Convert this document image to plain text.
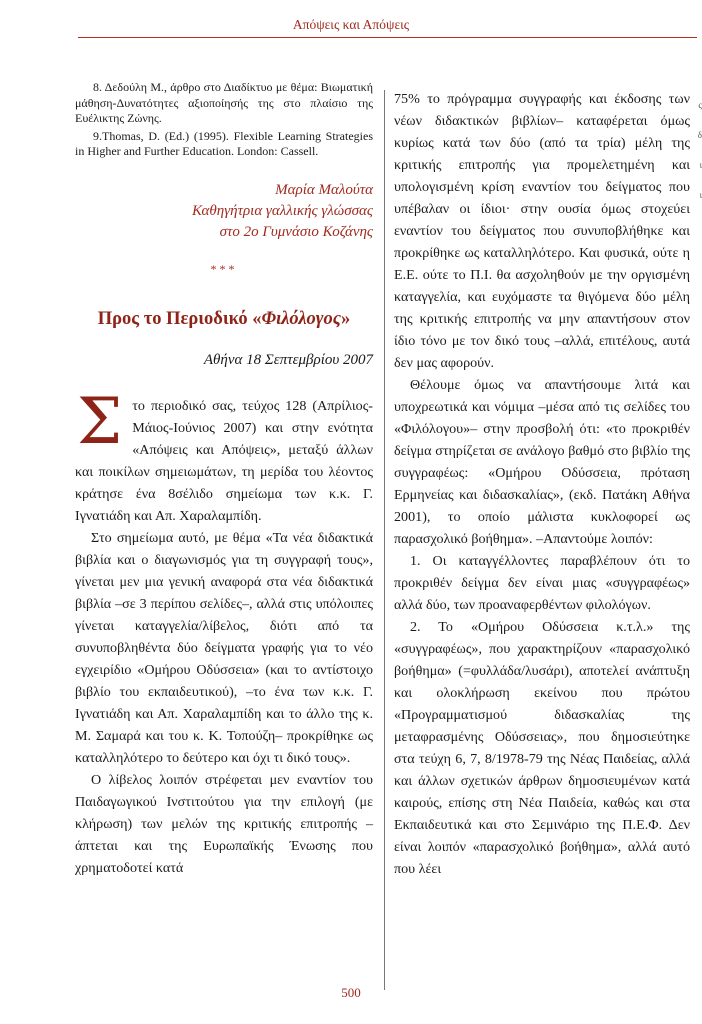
Απόψεις και Απόψεις
ς
δ
ι
ι

8. Δεδούλη Μ., άρθρο στο Διαδίκτυο με θέμα: Βιωματική μάθηση-Δυνατότητες αξιοποίησής της στο πλαίσιο της Ευέλικτης Ζώνης.

9.Thomas, D. (Ed.) (1995). Flexible Learning Strategies in Higher and Further Education. London: Cassell.

Μαρία Μαλούτα
Καθηγήτρια γαλλικής γλώσσας
στο 2ο Γυμνάσιο Κοζάνης
***
Προς το Περιοδικό «Φιλόλογος»
Αθήνα 18 Σεπτεμβρίου 2007

Στο περιοδικό σας, τεύχος 128 (Απρίλιος-Μάιος-Ιούνιος 2007) και στην ενότητα «Απόψεις και Απόψεις», μεταξύ άλλων και ποικίλων σημειωμάτων, τη μερίδα του λέοντος κράτησε ένα 8σέλιδο σημείωμα των κ.κ. Γ. Ιγνατιάδη και Απ. Χαραλαμπίδη.

Στο σημείωμα αυτό, με θέμα «Τα νέα διδακτικά βιβλία και ο διαγωνισμός για τη συγγραφή τους», γίνεται μεν μια γενική αναφορά στα νέα διδακτικά βιβλία –σε 3 περίπου σελίδες–, αλλά στις υπόλοιπες γίνεται καταγγελία/λίβελος, διότι από τα συνυποβληθέντα δύο δείγματα γραφής για το νέο εγχειρίδιο «Ομήρου Οδύσσεια» (και το αντίστοιχο βιβλίο του εκπαιδευτικού), –το ένα των κ.κ. Γ. Ιγνατιάδη και Απ. Χαραλαμπίδη και το άλλο της κ. Μ. Σαμαρά και του κ. Κ. Τοπούζη– προκρίθηκε ως καταλληλότερο το δεύτερο και όχι τι δικό τους».

Ο λίβελος λοιπόν στρέφεται μεν εναντίον του Παιδαγωγικού Ινστιτούτου για την επιλογή (με κλήρωση) των μελών της κριτικής επιτροπής –άπτεται και της Ευρωπαϊκής Ένωσης που χρηματοδοτεί κατά

75% το πρόγραμμα συγγραφής και έκδοσης των νέων διδακτικών βιβλίων– καταφέρεται όμως κυρίως κατά των δύο (από τα τρία) μέλη της κριτικής επιτροπής για προμελετημένη και υπολογισμένη κρίση εναντίον του δείγματος που υπέβαλαν οι ίδιοι· στην ουσία όμως στοχεύει εναντίον του δείγματος που συνυποβλήθηκε και προκρίθηκε ως καταλληλότερο. Και φυσικά, ούτε η Ε.Ε. ούτε το Π.Ι. θα ασχοληθούν με την οργισμένη καταγγελία, και ευχόμαστε τα θιγόμενα δύο μέλη της κριτικής επιτροπής να μην απαντήσουν στον ίδιο τόνο με τον δικό τους –αλλά, επιτέλους, αυτά δεν μας αφορούν.

Θέλουμε όμως να απαντήσουμε λιτά και υποχρεωτικά και νόμιμα –μέσα από τις σελίδες του «Φιλόλογου»– στην προσβολή ότι: «το προκριθέν δείγμα στηρίζεται σε ανάλογο βαθμό στο βιβλίο της συγγραφέως: «Ομήρου Οδύσσεια, πρόταση Ερμηνείας και διδασκαλίας», (εκδ. Πατάκη Αθήνα 2001), το οποίο μάλιστα κυκλοφορεί ως παρασχολικό βοήθημα». –Απαντούμε λοιπόν:

1. Οι καταγγέλλοντες παραβλέπουν ότι το προκριθέν δείγμα δεν είναι μιας «συγγραφέως» αλλά δύο, των προαναφερθέντων φιλολόγων.

2. Το «Ομήρου Οδύσσεια κ.τ.λ.» της «συγγραφέως», που χαρακτηρίζουν «παρασχολικό βοήθημα» (=φυλλάδα/λυσάρι), αποτελεί ανάπτυξη και ολοκλήρωση εκείνου που πρώτου «Προγραμματισμού διδασκαλίας της μεταφρασμένης Οδύσσειας», που δημοσιεύτηκε στα τεύχη 6, 7, 8/1978-79 της Νέας Παιδείας, αλλά και άλλων σχετικών άρθρων δημοσιευμένων κατά καιρούς, επίσης στη Νέα Παιδεία, καθώς και στα Εκπαιδευτικά και στο Σεμινάριο της Π.Ε.Φ. Δεν είναι λοιπόν «παρασχολικό βοήθημα», αλλά αυτό που λέει

500
